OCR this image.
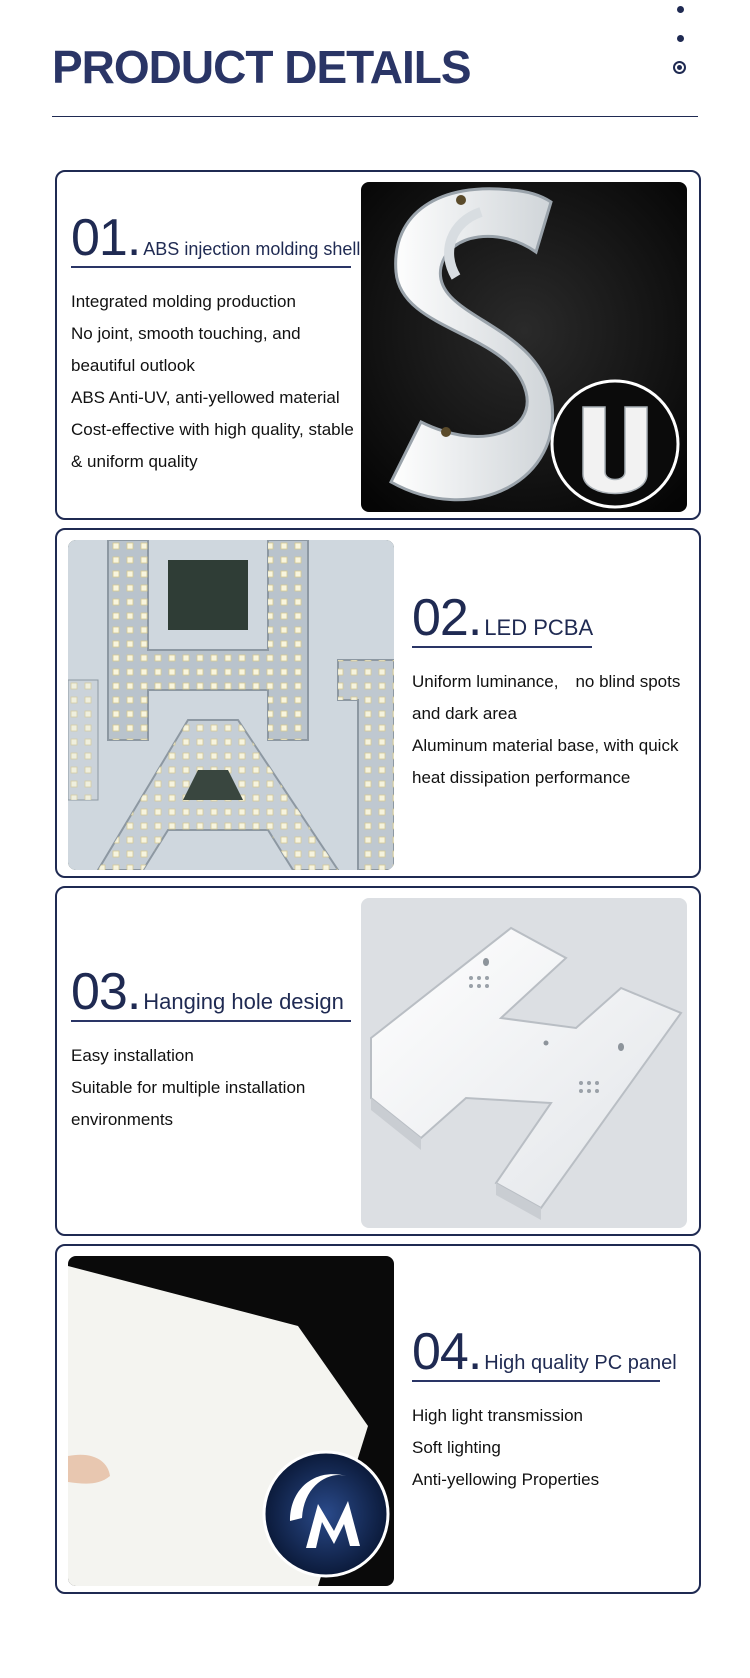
PRODUCT DETAILS
01 . ABS injection molding shell
Integrated molding production
No joint, smooth touching, and
beautiful outlook
ABS Anti-UV, anti-yellowed material
Cost-effective with high quality, stable
& uniform quality
02 . LED PCBA
Uniform luminance,　no blind spots
and dark area
Aluminum material base, with quick
heat dissipation performance
03 . Hanging hole design
Easy installation
Suitable for multiple installation
environments
04 . High quality PC panel
High light transmission
Soft lighting
Anti-yellowing Properties
